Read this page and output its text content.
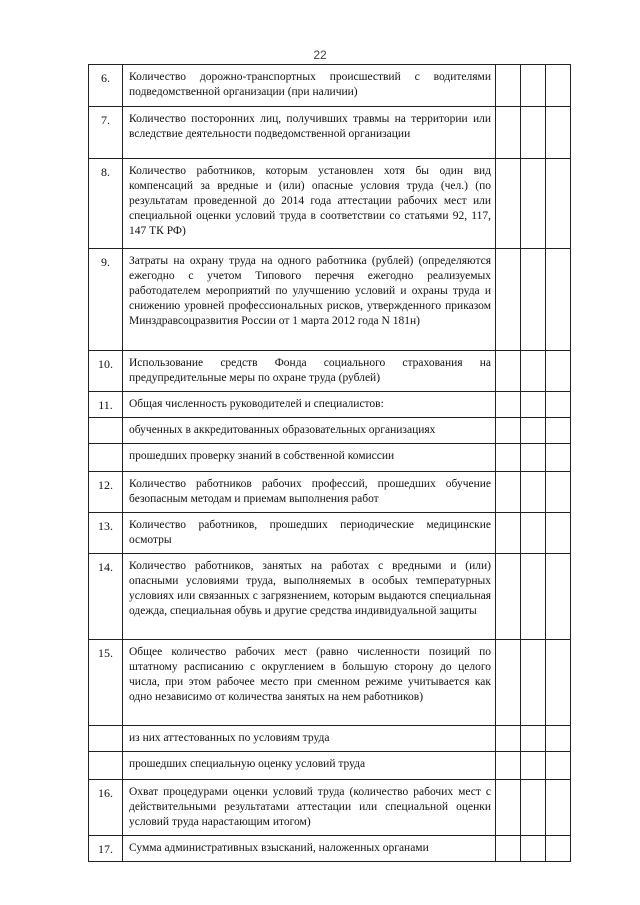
22
6.	Количество дорожно-транспортных происшествий с водителями подведомственной организации (при наличии)			
7.	Количество посторонних лиц, получивших травмы на территории или вследствие деятельности подведомственной организации			
8.	Количество работников, которым установлен хотя бы один вид компенсаций за вредные и (или) опасные условия труда (чел.) (по результатам проведенной до 2014 года аттестации рабочих мест или специальной оценки условий труда в соответствии со статьями 92, 117, 147 ТК РФ)			
9.	Затраты на охрану труда на одного работника (рублей) (определяются ежегодно с учетом Типового перечня ежегодно реализуемых работодателем мероприятий по улучшению условий и охраны труда и снижению уровней профессиональных рисков, утвержденного приказом Минздравсоцразвития России от 1 марта 2012 года N 181н)			
10.	Использование средств Фонда социального страхования на предупредительные меры по охране труда (рублей)			
11.	Общая численность руководителей и специалистов:			
	обученных в аккредитованных образовательных организациях			
	прошедших проверку знаний в собственной комиссии			
12.	Количество работников рабочих профессий, прошедших обучение безопасным методам и приемам выполнения работ			
13.	Количество работников, прошедших периодические медицинские осмотры			
14.	Количество работников, занятых на работах с вредными и (или) опасными условиями труда, выполняемых в особых температурных условиях или связанных с загрязнением, которым выдаются специальная одежда, специальная обувь и другие средства индивидуальной защиты			
15.	Общее количество рабочих мест (равно численности позиций по штатному расписанию с округлением в большую сторону до целого числа, при этом рабочее место при сменном режиме учитывается как одно независимо от количества занятых на нем работников)			
	из них аттестованных по условиям труда			
	прошедших специальную оценку условий труда			
16.	Охват процедурами оценки условий труда (количество рабочих мест с действительными результатами аттестации или специальной оценки условий труда нарастающим итогом)			
17.	Сумма административных взысканий, наложенных органами			
